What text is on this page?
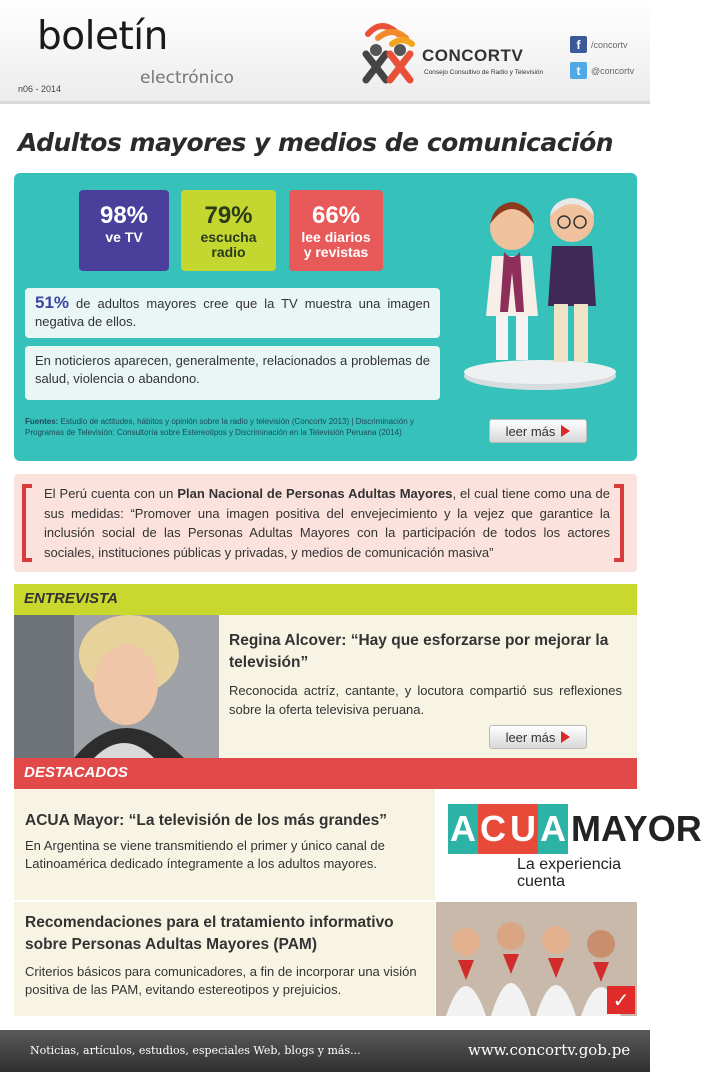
boletín
electrónico
n06 - 2014
CONCORTV
Consejo Consultivo de Radio y Televisión
f	/concortv
t	@concortv
Adultos mayores y medios de comunicación
98%
ve TV
79%
escucha
radio
66%
lee diarios
y revistas
51% de adultos mayores cree que la TV muestra una imagen negativa de ellos.
En noticieros aparecen, generalmente, relacionados a problemas de salud, violencia o abandono.
Fuentes: Estudio de actitudes, hábitos y opinión sobre la radio y televisión (Concortv 2013) | Discriminación y Programas de Televisión: Consultoría sobre Estereotipos y Discriminación en la Televisión Peruana (2014)	leer más
El Perú cuenta con un Plan Nacional de Personas Adultas Mayores, el cual tiene como una de sus medidas: “Promover una imagen positiva del envejecimiento y la vejez que garantice la inclusión social de las Personas Adultas Mayores con la participación de todos los actores sociales, instituciones públicas y privadas, y medios de comunicación masiva”
ENTREVISTA
Regina Alcover: “Hay que esforzarse por mejorar la televisión”
Reconocida actríz, cantante, y locutora compartió sus reflexiones sobre la oferta televisiva peruana.
leer más
DESTACADOS
ACUA Mayor: “La televisión de los más grandes”
En Argentina se viene transmitiendo el primer y único canal de Latinoamérica dedicado íntegramente a los adultos mayores.
Recomendaciones para el tratamiento informativo sobre Personas Adultas Mayores (PAM)
Criterios básicos para comunicadores, a fin de incorporar una visión positiva de las PAM, evitando estereotipos y prejuicios.
A C U A MAYOR
La experiencia
cuenta
✓
Noticias, artículos, estudios, especiales Web, blogs y más...	www.concortv.gob.pe
